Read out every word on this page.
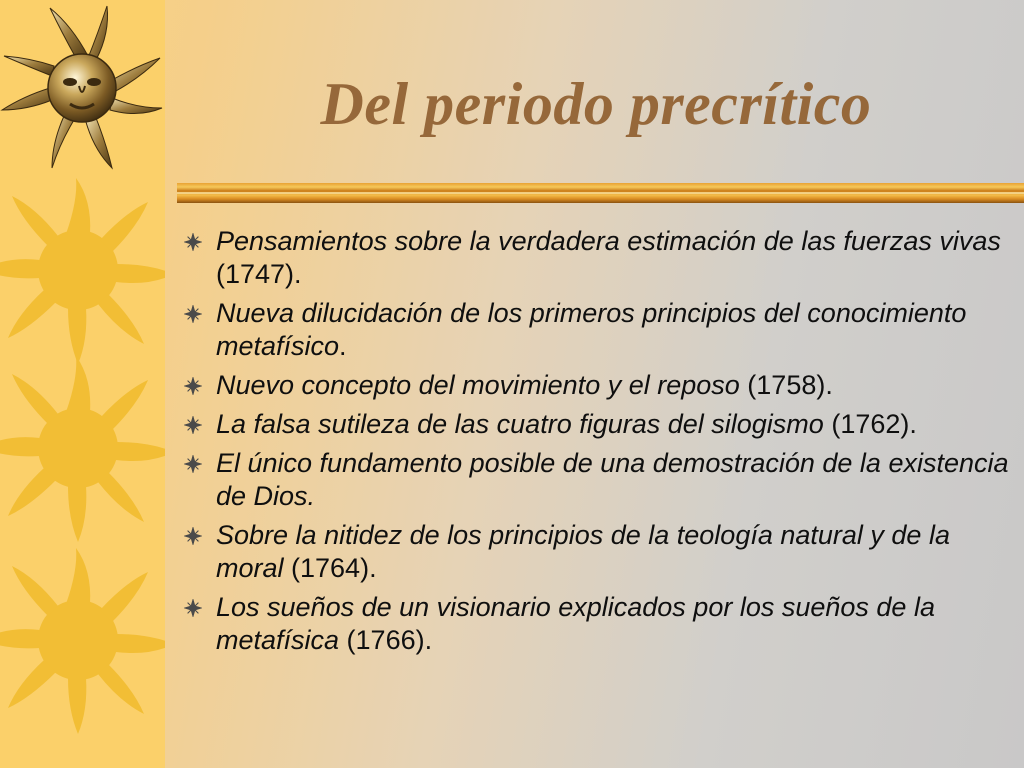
Del periodo precrítico
Pensamientos sobre la verdadera estimación de las fuerzas vivas (1747).
Nueva dilucidación de los primeros principios del conocimiento metafísico.
Nuevo concepto del movimiento y el reposo (1758).
La falsa sutileza de las cuatro figuras del silogismo (1762).
El único fundamento posible de una demostración de la existencia de Dios.
Sobre la nitidez de los principios de la teología natural y de la moral (1764).
Los sueños de un visionario explicados por los sueños de la metafísica (1766).
